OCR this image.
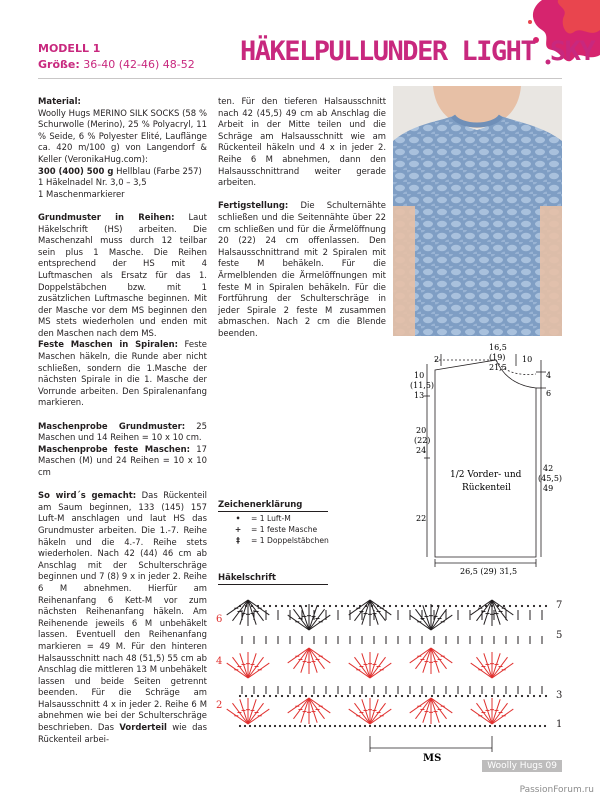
MODELL 1
Größe: 36-40 (42-46) 48-52 HÄKELPULLUNDER LIGHT SKY

Material:
Woolly Hugs MERINO SILK SOCKS (58 % Schurwolle (Merino), 25 % Polyacryl, 11 % Seide, 6 % Polyester Elité, Lauflänge ca. 420 m/100 g) von Langendorf & Keller (VeronikaHug.com):
300 (400) 500 g Hellblau (Farbe 257)
1 Häkelnadel Nr. 3,0 – 3,5
1 Maschenmarkierer

Grundmuster in Reihen: Laut Häkelschrift (HS) arbeiten. Die Maschenzahl muss durch 12 teilbar sein plus 1 Masche. Die Reihen entsprechend der HS mit 4 Luftmaschen als Ersatz für das 1. Doppelstäbchen bzw. mit 1 zusätzlichen Luftmasche beginnen. Mit der Masche vor dem MS beginnen den MS stets wiederholen und enden mit den Maschen nach dem MS.

Feste Maschen in Spiralen: Feste Maschen häkeln, die Runde aber nicht schließen, sondern die 1.Masche der nächsten Spirale in die 1. Masche der Vorrunde arbeiten. Den Spiralenanfang markieren.

Maschenprobe Grundmuster: 25 Maschen und 14 Reihen = 10 x 10 cm.
Maschenprobe feste Maschen: 17 Maschen (M) und 24 Reihen = 10 x 10 cm

So wird´s gemacht: Das Rückenteil am Saum beginnen, 133 (145) 157 Luft-M anschlagen und laut HS das Grundmuster arbeiten. Die 1.-7. Reihe häkeln und die 4.-7. Reihe stets wiederholen. Nach 42 (44) 46 cm ab Anschlag mit der Schulterschräge beginnen und 7 (8) 9 x in jeder 2. Reihe 6 M abnehmen. Hierfür am Reihenanfang 6 Kett-M vor zum nächsten Reihenanfang häkeln. Am Reihenende jeweils 6 M unbehäkelt lassen. Eventuell den Reihenanfang markieren = 49 M. Für den hinteren Halsausschnitt nach 48 (51,5) 55 cm ab Anschlag die mittleren 13 M unbehäkelt lassen und beide Seiten getrennt beenden. Für die Schräge am Halsausschnitt 4 x in jeder 2. Reihe 6 M abnehmen wie bei der Schulterschräge beschrieben. Das Vorderteil wie das Rückenteil arbei-

ten. Für den tieferen Halsausschnitt nach 42 (45,5) 49 cm ab Anschlag die Arbeit in der Mitte teilen und die Schräge am Halsausschnitt wie am Rückenteil häkeln und 4 x in jeder 2. Reihe 6 M abnehmen, dann den Halsausschnittrand weiter gerade arbeiten.

Fertigstellung: Die Schulternähte schließen und die Seitennähte über 22 cm schließen und für die Ärmelöffnung 20 (22) 24 cm offenlassen. Den Halsausschnittrand mit 2 Spiralen mit feste M behäkeln. Für die Ärmelblenden die Ärmelöffnungen mit feste M in Spiralen behäkeln. Für die Fortführung der Schulterschräge in jeder Spirale 2 feste M zusammen abmaschen. Nach 2 cm die Blende beenden.

16,5
(19)
21,5
2	10
4
6
10
(11,5)
13
20
(22)
24
22
42
(45,5)
49
1/2 Vorder- und
Rückenteil
26,5 (29) 31,5
Zeichenerklärung
•	= 1 Luft-M
+	= 1 feste Masche
‡	= 1 Doppelstäbchen
Häkelschrift
6
4
2
7
5
3
1
MS
Woolly Hugs 09
PassionForum.ru
